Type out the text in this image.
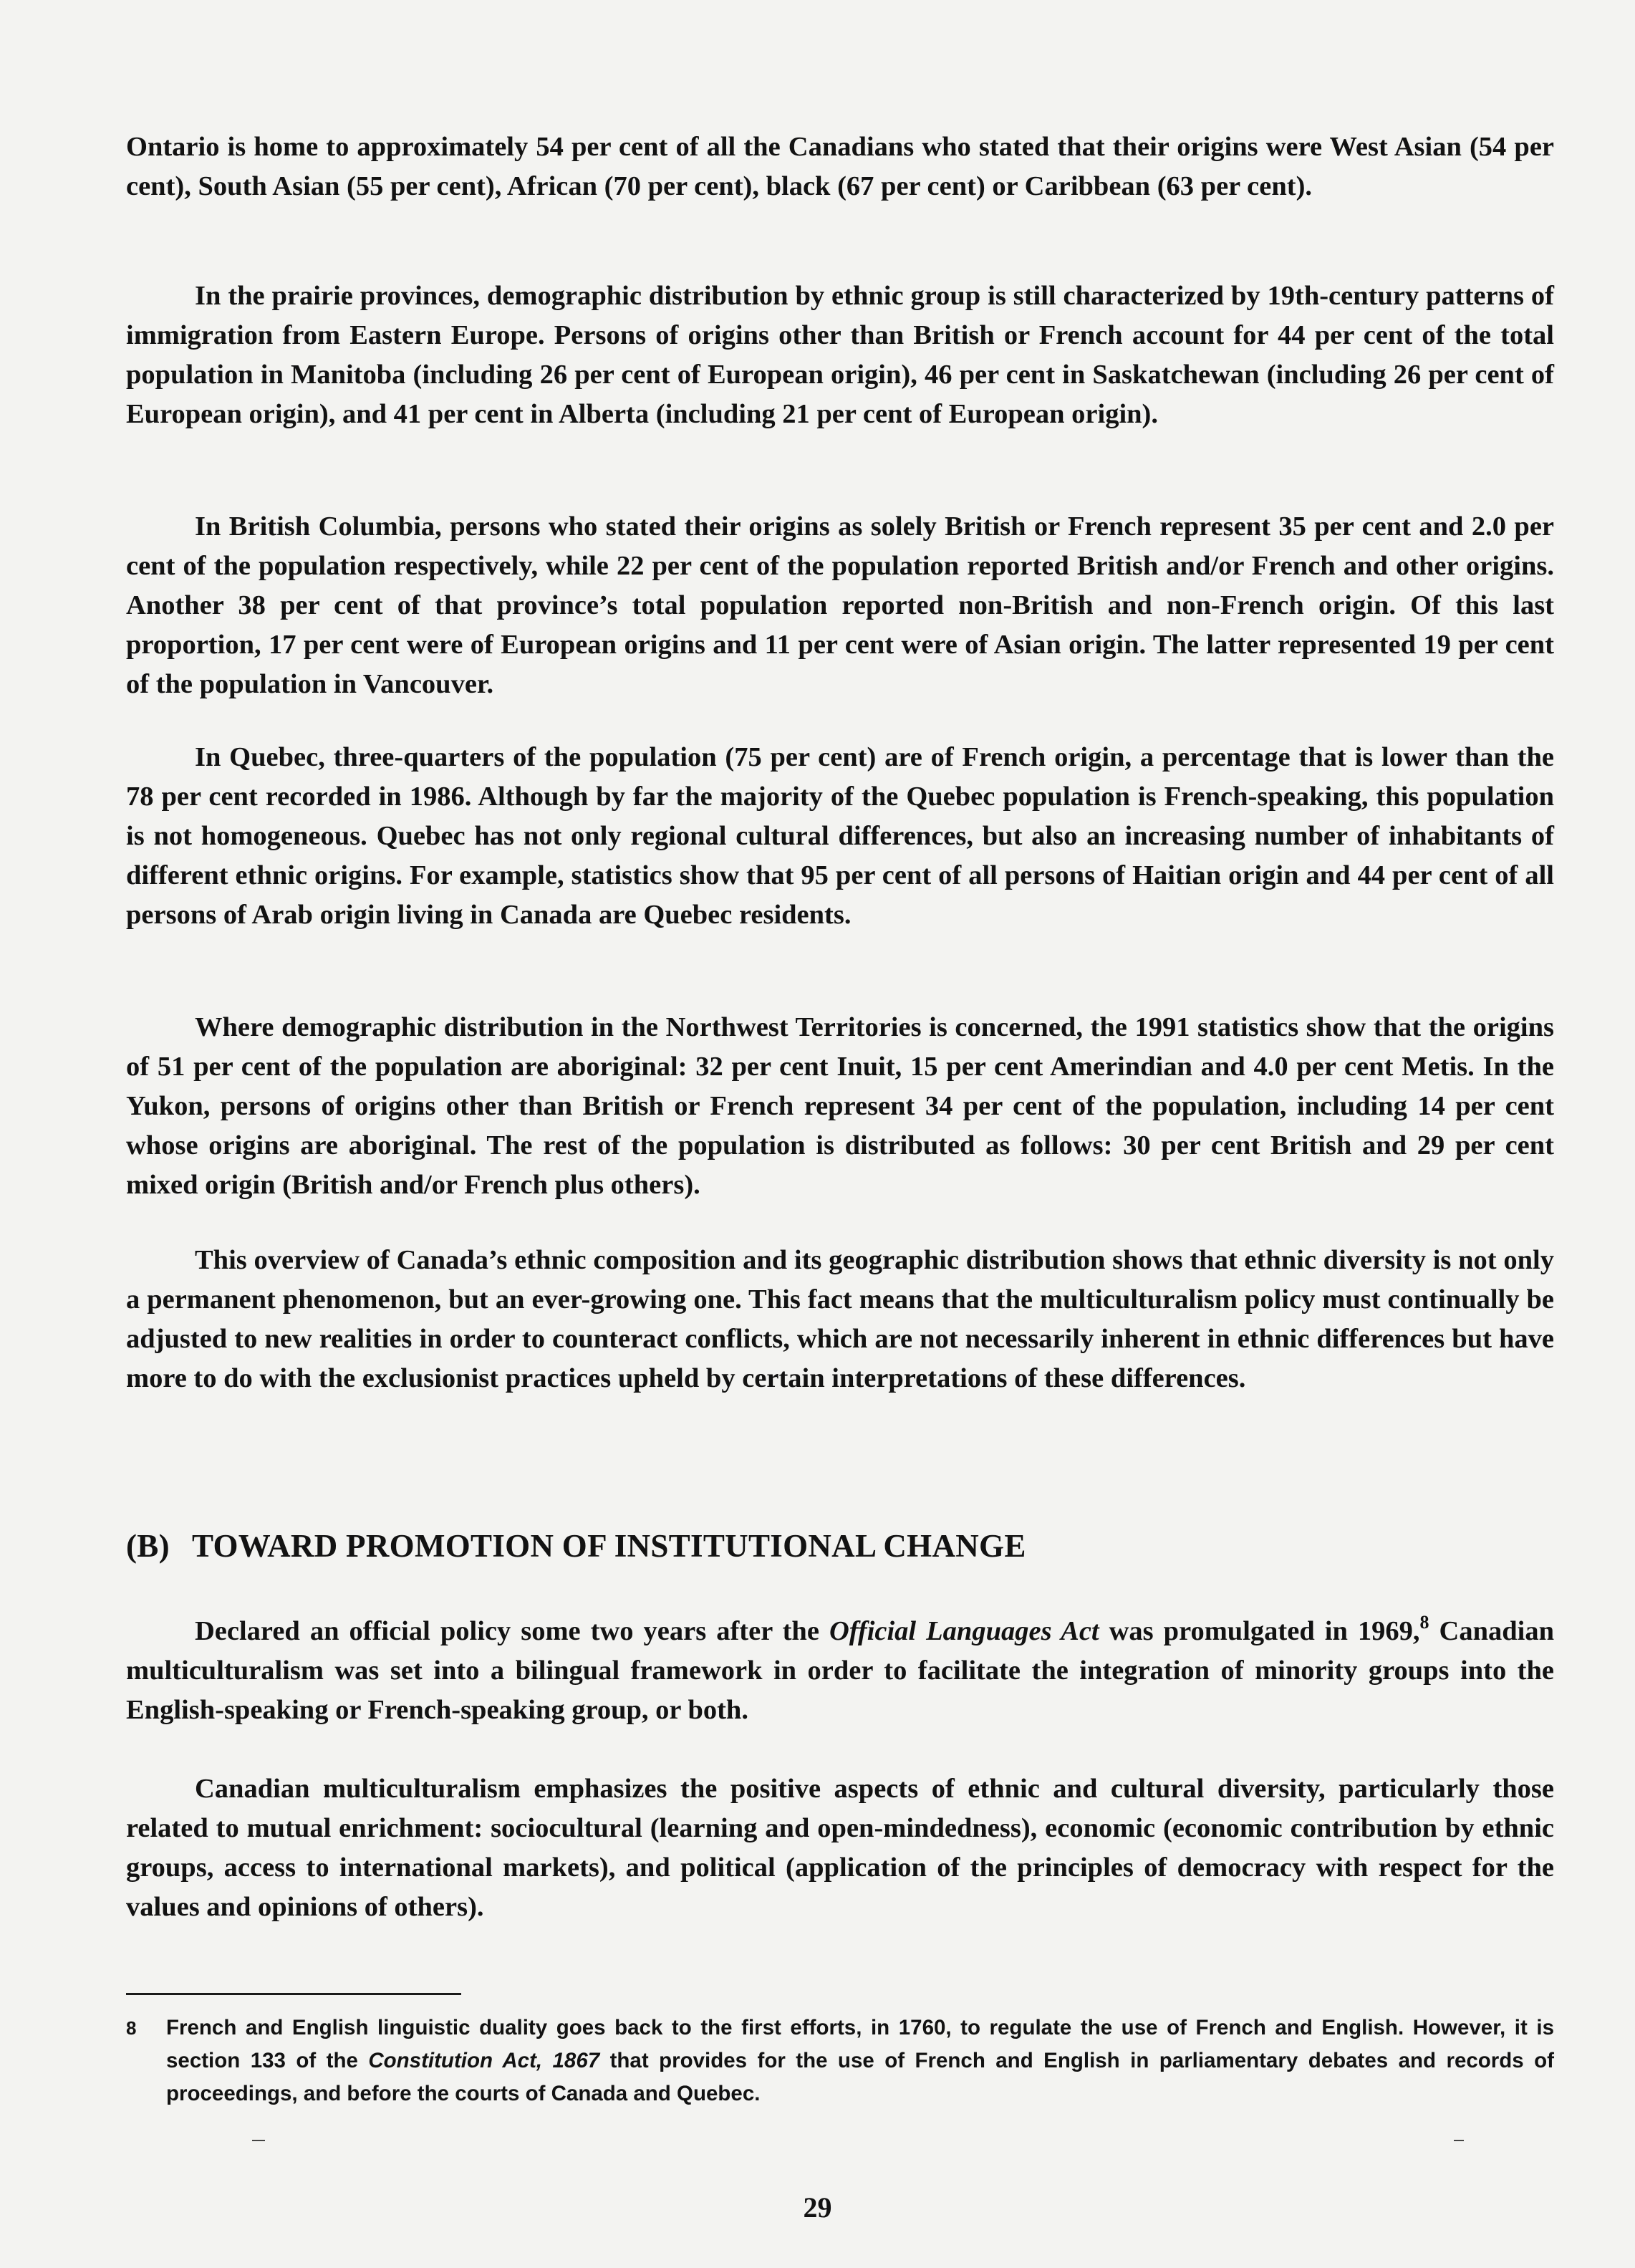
Ontario is home to approximately 54 per cent of all the Canadians who stated that their origins were West Asian (54 per cent), South Asian (55 per cent), African (70 per cent), black (67 per cent) or Caribbean (63 per cent).

In the prairie provinces, demographic distribution by ethnic group is still characterized by 19th-century patterns of immigration from Eastern Europe. Persons of origins other than British or French account for 44 per cent of the total population in Manitoba (including 26 per cent of European origin), 46 per cent in Saskatchewan (including 26 per cent of European origin), and 41 per cent in Alberta (including 21 per cent of European origin).

In British Columbia, persons who stated their origins as solely British or French represent 35 per cent and 2.0 per cent of the population respectively, while 22 per cent of the population reported British and/or French and other origins. Another 38 per cent of that province’s total population reported non-British and non-French origin. Of this last proportion, 17 per cent were of European origins and 11 per cent were of Asian origin. The latter represented 19 per cent of the population in Vancouver.

In Quebec, three-quarters of the population (75 per cent) are of French origin, a percentage that is lower than the 78 per cent recorded in 1986. Although by far the majority of the Quebec population is French-speaking, this population is not homogeneous. Quebec has not only regional cultural differences, but also an increasing number of inhabitants of different ethnic origins. For example, statistics show that 95 per cent of all persons of Haitian origin and 44 per cent of all persons of Arab origin living in Canada are Quebec residents.

Where demographic distribution in the Northwest Territories is concerned, the 1991 statistics show that the origins of 51 per cent of the population are aboriginal: 32 per cent Inuit, 15 per cent Amerindian and 4.0 per cent Metis. In the Yukon, persons of origins other than British or French represent 34 per cent of the population, including 14 per cent whose origins are aboriginal. The rest of the population is distributed as follows: 30 per cent British and 29 per cent mixed origin (British and/or French plus others).

This overview of Canada’s ethnic composition and its geographic distribution shows that ethnic diversity is not only a permanent phenomenon, but an ever-growing one. This fact means that the multiculturalism policy must continually be adjusted to new realities in order to counteract conflicts, which are not necessarily inherent in ethnic differences but have more to do with the exclusionist practices upheld by certain interpretations of these differences.

(B) TOWARD PROMOTION OF INSTITUTIONAL CHANGE

Declared an official policy some two years after the Official Languages Act was promulgated in 1969,$^8$ Canadian multiculturalism was set into a bilingual framework in order to facilitate the integration of minority groups into the English-speaking or French-speaking group, or both.

Canadian multiculturalism emphasizes the positive aspects of ethnic and cultural diversity, particularly those related to mutual enrichment: sociocultural (learning and open-mindedness), economic (economic contribution by ethnic groups, access to international markets), and political (application of the principles of democracy with respect for the values and opinions of others).

8	French and English linguistic duality goes back to the first efforts, in 1760, to regulate the use of French and English. However, it is section 133 of the Constitution Act, 1867 that provides for the use of French and English in parliamentary debates and records of proceedings, and before the courts of Canada and Quebec.

29
